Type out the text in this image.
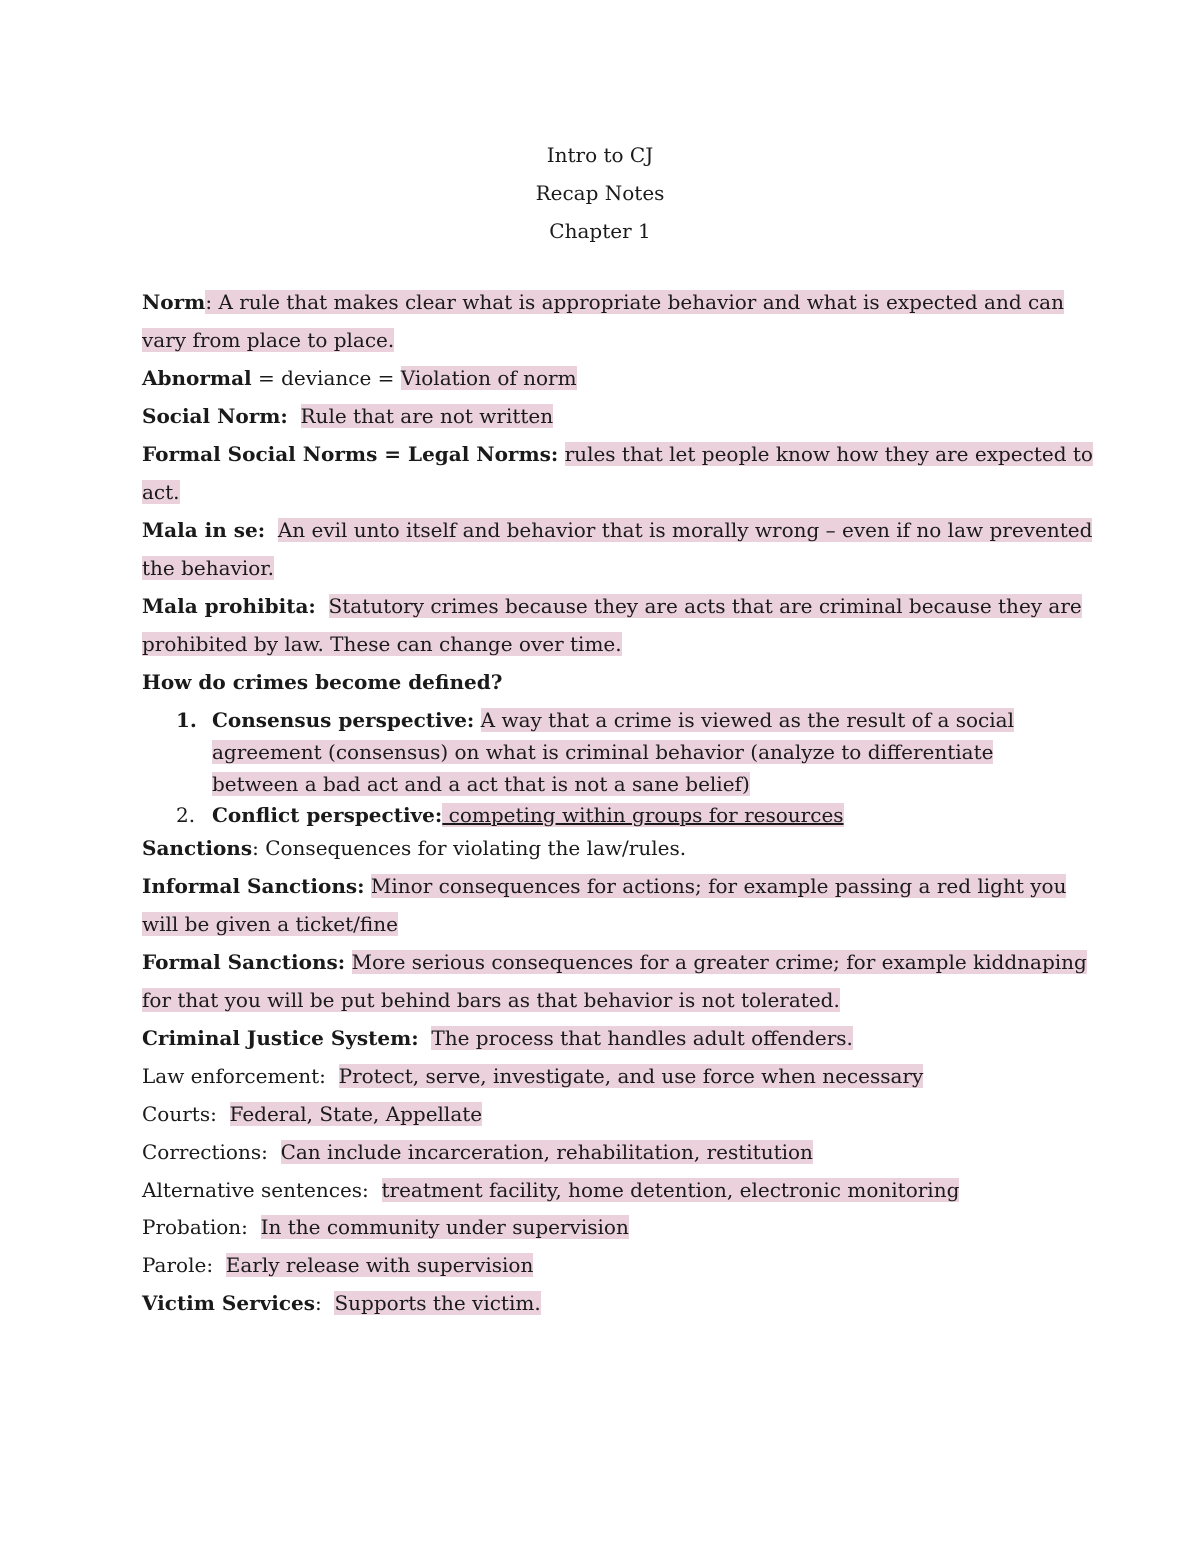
Intro to CJ
Recap Notes
Chapter 1
Norm: A rule that makes clear what is appropriate behavior and what is expected and can
vary from place to place.
Abnormal = deviance = Violation of norm
Social Norm: Rule that are not written
Formal Social Norms = Legal Norms: rules that let people know how they are expected to
act.
Mala in se: An evil unto itself and behavior that is morally wrong – even if no law prevented
the behavior.
Mala prohibita: Statutory crimes because they are acts that are criminal because they are
prohibited by law. These can change over time.
How do crimes become defined?
1. Consensus perspective: A way that a crime is viewed as the result of a social
agreement (consensus) on what is criminal behavior (analyze to differentiate
between a bad act and a act that is not a sane belief)
2. Conflict perspective: competing within groups for resources
Sanctions: Consequences for violating the law/rules.
Informal Sanctions: Minor consequences for actions; for example passing a red light you
will be given a ticket/fine
Formal Sanctions: More serious consequences for a greater crime; for example kiddnaping
for that you will be put behind bars as that behavior is not tolerated.
Criminal Justice System: The process that handles adult offenders.
Law enforcement: Protect, serve, investigate, and use force when necessary
Courts: Federal, State, Appellate
Corrections: Can include incarceration, rehabilitation, restitution
Alternative sentences: treatment facility, home detention, electronic monitoring
Probation: In the community under supervision
Parole: Early release with supervision
Victim Services: Supports the victim.
